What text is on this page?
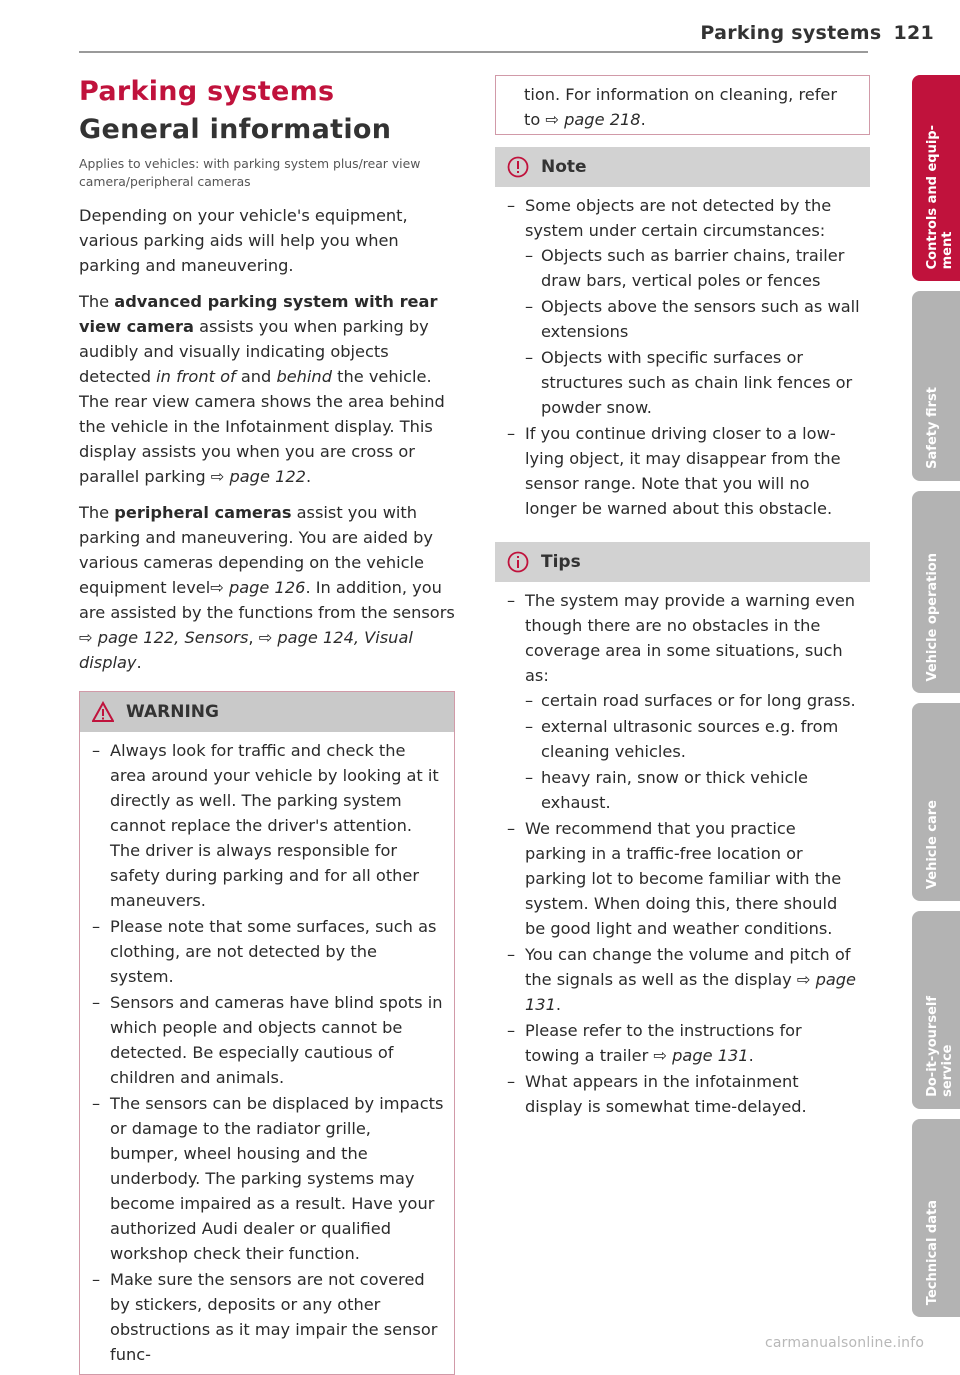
Parking systems 121
Parking systems
General information
Applies to vehicles: with parking system plus/rear view camera/peripheral cameras

Depending on your vehicle's equipment, various parking aids will help you when parking and maneuvering.

The advanced parking system with rear view camera assists you when parking by audibly and visually indicating objects detected in front of and behind the vehicle. The rear view camera shows the area behind the vehicle in the Infotainment display. This display assists you when you are cross or parallel parking ⇨ page 122.

The peripheral cameras assist you with parking and maneuvering. You are aided by various cameras depending on the vehicle equipment level⇨ page 126. In addition, you are assisted by the functions from the sensors ⇨ page 122, Sensors, ⇨ page 124, Visual display.

WARNING
– Always look for traffic and check the area around your vehicle by looking at it directly as well. The parking system cannot replace the driver's attention. The driver is always responsible for safety during parking and for all other maneuvers.
– Please note that some surfaces, such as clothing, are not detected by the system.
– Sensors and cameras have blind spots in which people and objects cannot be detected. Be especially cautious of children and animals.
– The sensors can be displaced by impacts or damage to the radiator grille, bumper, wheel housing and the underbody. The parking systems may become impaired as a result. Have your authorized Audi dealer or qualified workshop check their function.
– Make sure the sensors are not covered by stickers, deposits or any other obstructions as it may impair the sensor func-
tion. For information on cleaning, refer to ⇨ page 218.
Note
– Some objects are not detected by the system under certain circumstances:
– Objects such as barrier chains, trailer draw bars, vertical poles or fences
– Objects above the sensors such as wall extensions
– Objects with specific surfaces or structures such as chain link fences or powder snow.
– If you continue driving closer to a low-lying object, it may disappear from the sensor range. Note that you will no longer be warned about this obstacle.
Tips
– The system may provide a warning even though there are no obstacles in the coverage area in some situations, such as:
– certain road surfaces or for long grass.
– external ultrasonic sources e.g. from cleaning vehicles.
– heavy rain, snow or thick vehicle exhaust.
– We recommend that you practice parking in a traffic-free location or parking lot to become familiar with the system. When doing this, there should be good light and weather conditions.
– You can change the volume and pitch of the signals as well as the display ⇨ page 131.
– Please refer to the instructions for towing a trailer ⇨ page 131.
– What appears in the infotainment display is somewhat time-delayed.
Controls and equip-
ment
Safety first
Vehicle operation
Vehicle care
Do-it-yourself
service
Technical data
carmanualsonline.info
